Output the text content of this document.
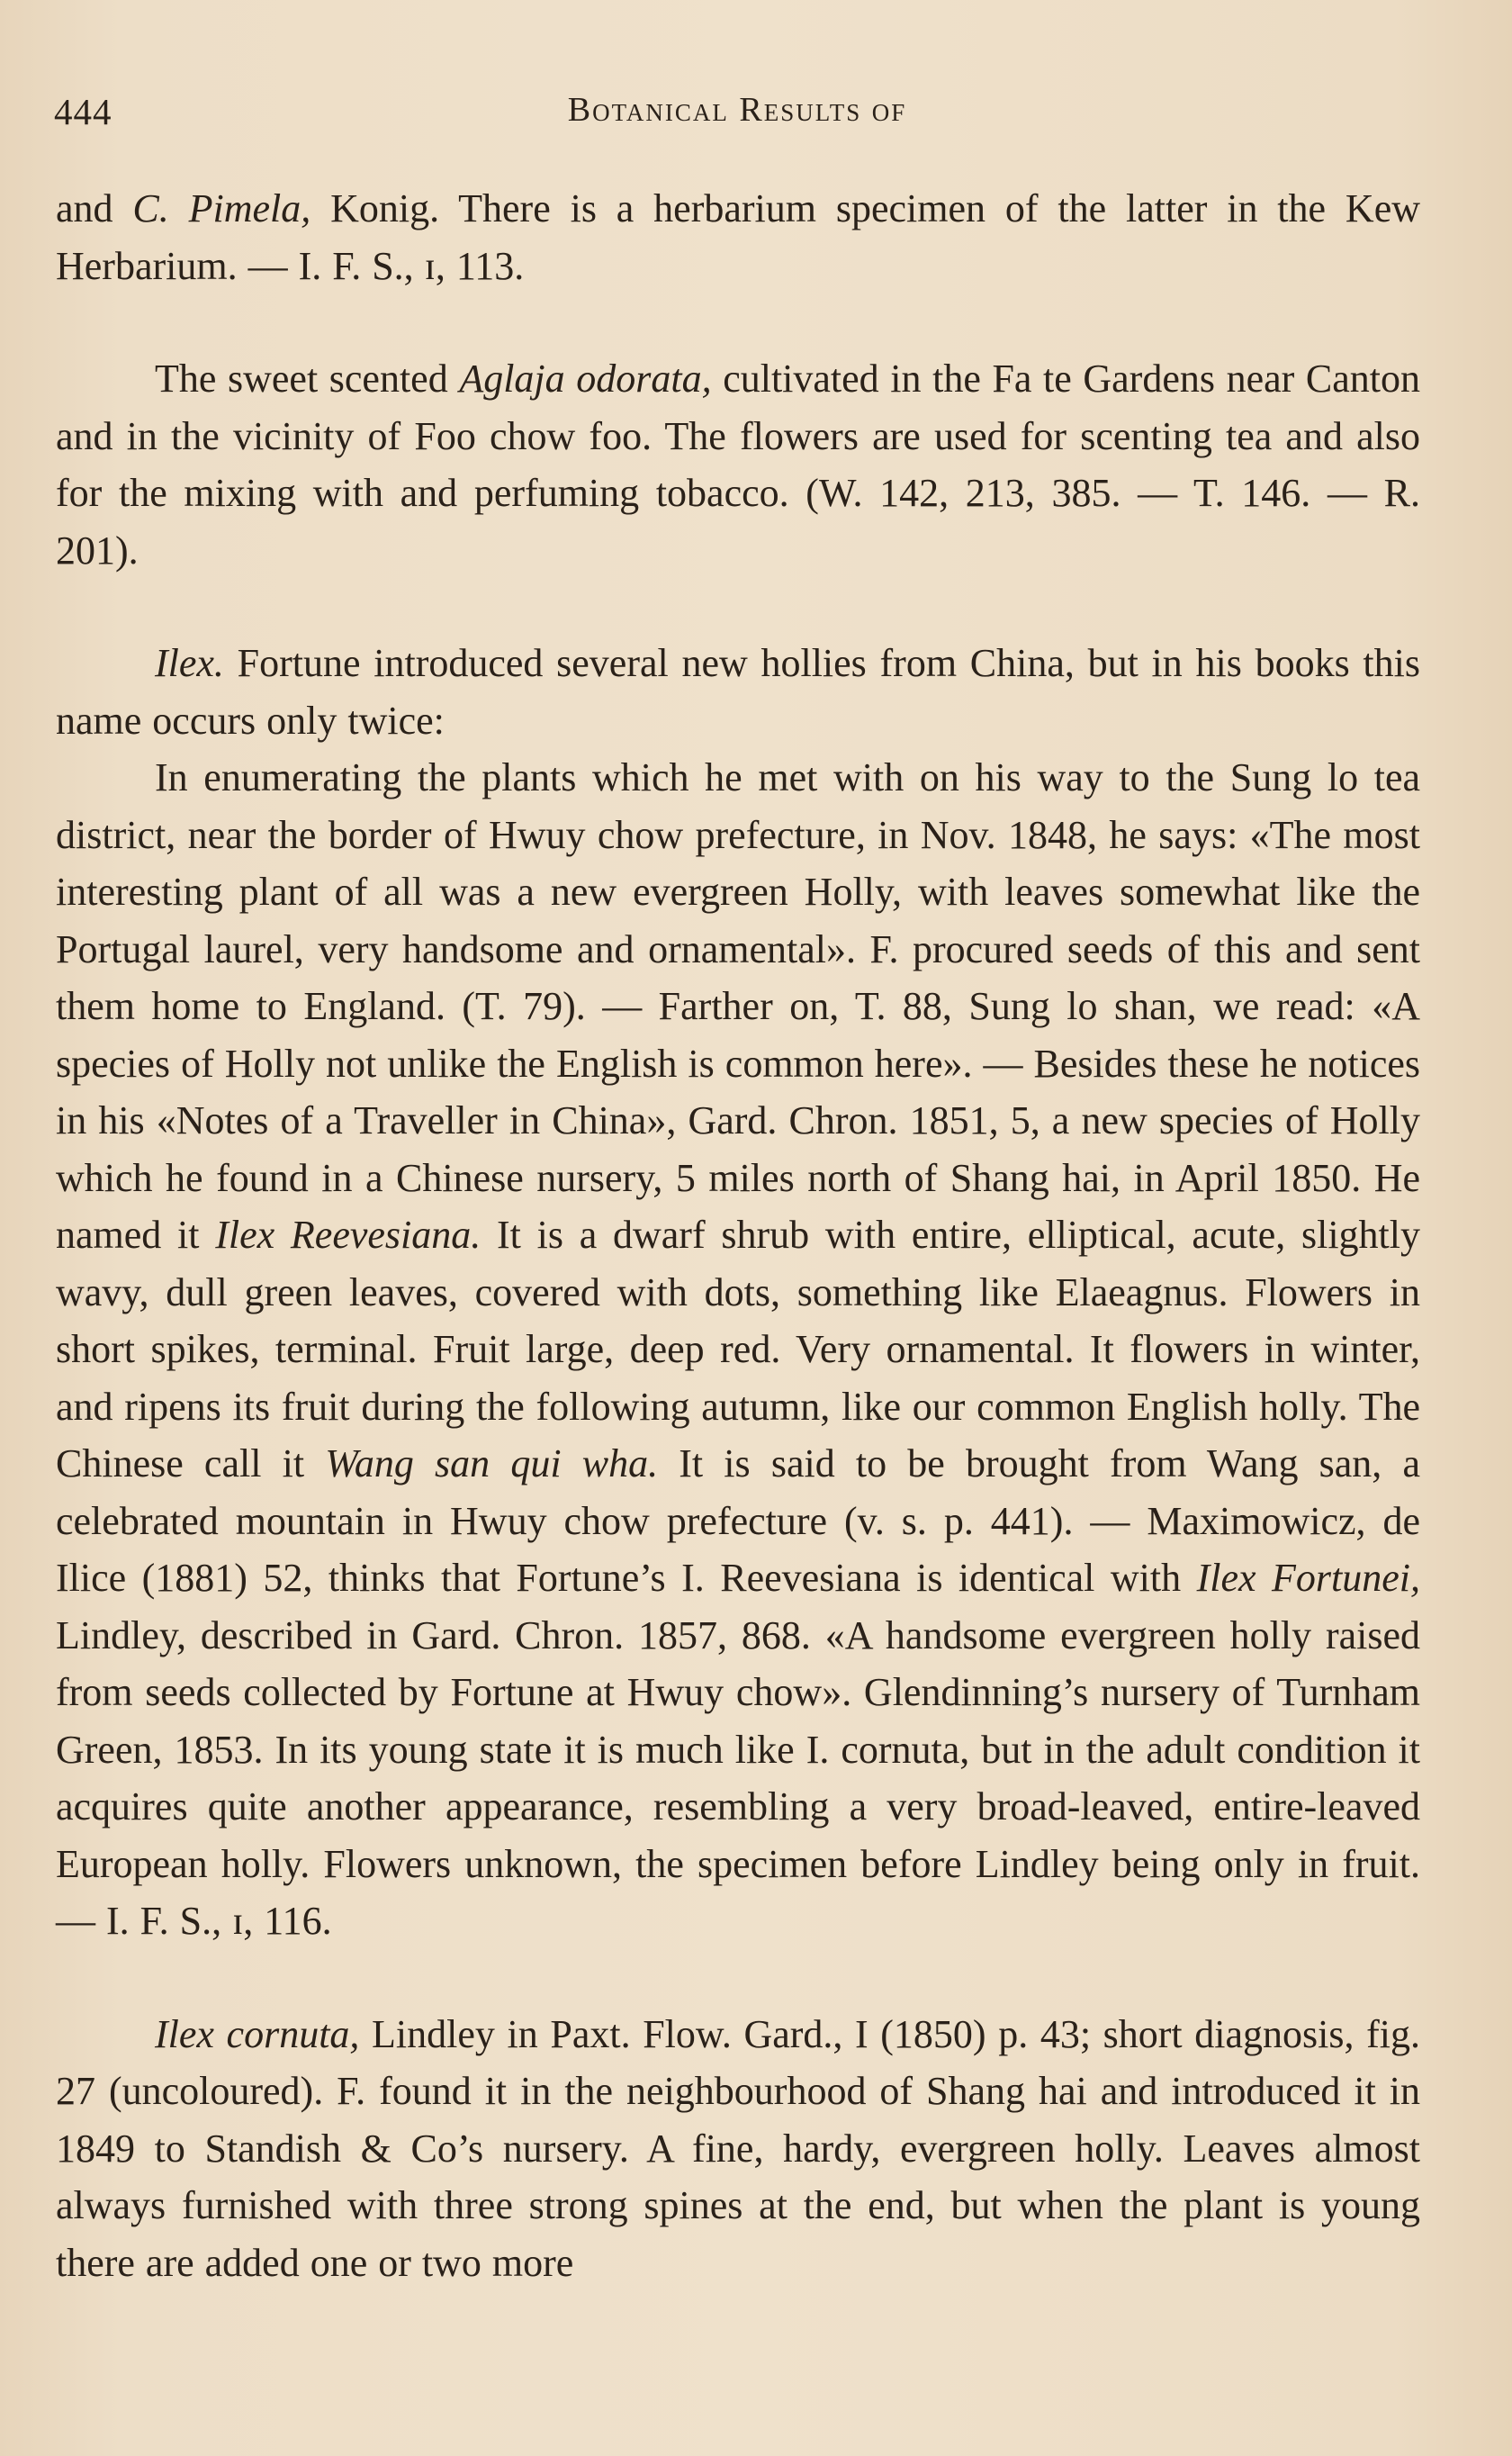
444	Botanical Results of

and C. Pimela, Konig. There is a herbarium specimen of the latter in the Kew Herbarium. — I. F. S., ɪ, 113.

The sweet scented Aglaja odorata, cultivated in the Fa te Gardens near Canton and in the vicinity of Foo chow foo. The flowers are used for scenting tea and also for the mixing with and perfuming tobacco. (W. 142, 213, 385. — T. 146. — R. 201).

Ilex. Fortune introduced several new hollies from China, but in his books this name occurs only twice:

In enumerating the plants which he met with on his way to the Sung lo tea district, near the border of Hwuy chow prefecture, in Nov. 1848, he says: «The most interesting plant of all was a new evergreen Holly, with leaves somewhat like the Portugal laurel, very handsome and ornamental». F. procured seeds of this and sent them home to England. (T. 79). — Farther on, T. 88, Sung lo shan, we read: «A species of Holly not unlike the English is common here». — Besides these he notices in his «Notes of a Traveller in China», Gard. Chron. 1851, 5, a new species of Holly which he found in a Chinese nursery, 5 miles north of Shang hai, in April 1850. He named it Ilex Reevesiana. It is a dwarf shrub with entire, elliptical, acute, slightly wavy, dull green leaves, covered with dots, something like Elaeagnus. Flowers in short spikes, terminal. Fruit large, deep red. Very ornamental. It flowers in winter, and ripens its fruit during the following autumn, like our common English holly. The Chinese call it Wang san qui wha. It is said to be brought from Wang san, a celebrated mountain in Hwuy chow prefecture (v. s. p. 441). — Maximowicz, de Ilice (1881) 52, thinks that Fortune’s I. Reevesiana is identical with Ilex Fortunei, Lindley, described in Gard. Chron. 1857, 868. «A handsome evergreen holly raised from seeds collected by Fortune at Hwuy chow». Glendinning’s nursery of Turnham Green, 1853. In its young state it is much like I. cornuta, but in the adult condition it acquires quite another appearance, resembling a very broad-leaved, entire-leaved European holly. Flowers unknown, the specimen before Lindley being only in fruit. — I. F. S., ɪ, 116.

Ilex cornuta, Lindley in Paxt. Flow. Gard., I (1850) p. 43; short diagnosis, fig. 27 (uncoloured). F. found it in the neighbourhood of Shang hai and introduced it in 1849 to Standish & Co’s nursery. A fine, hardy, evergreen holly. Leaves almost always furnished with three strong spines at the end, but when the plant is young there are added one or two more
